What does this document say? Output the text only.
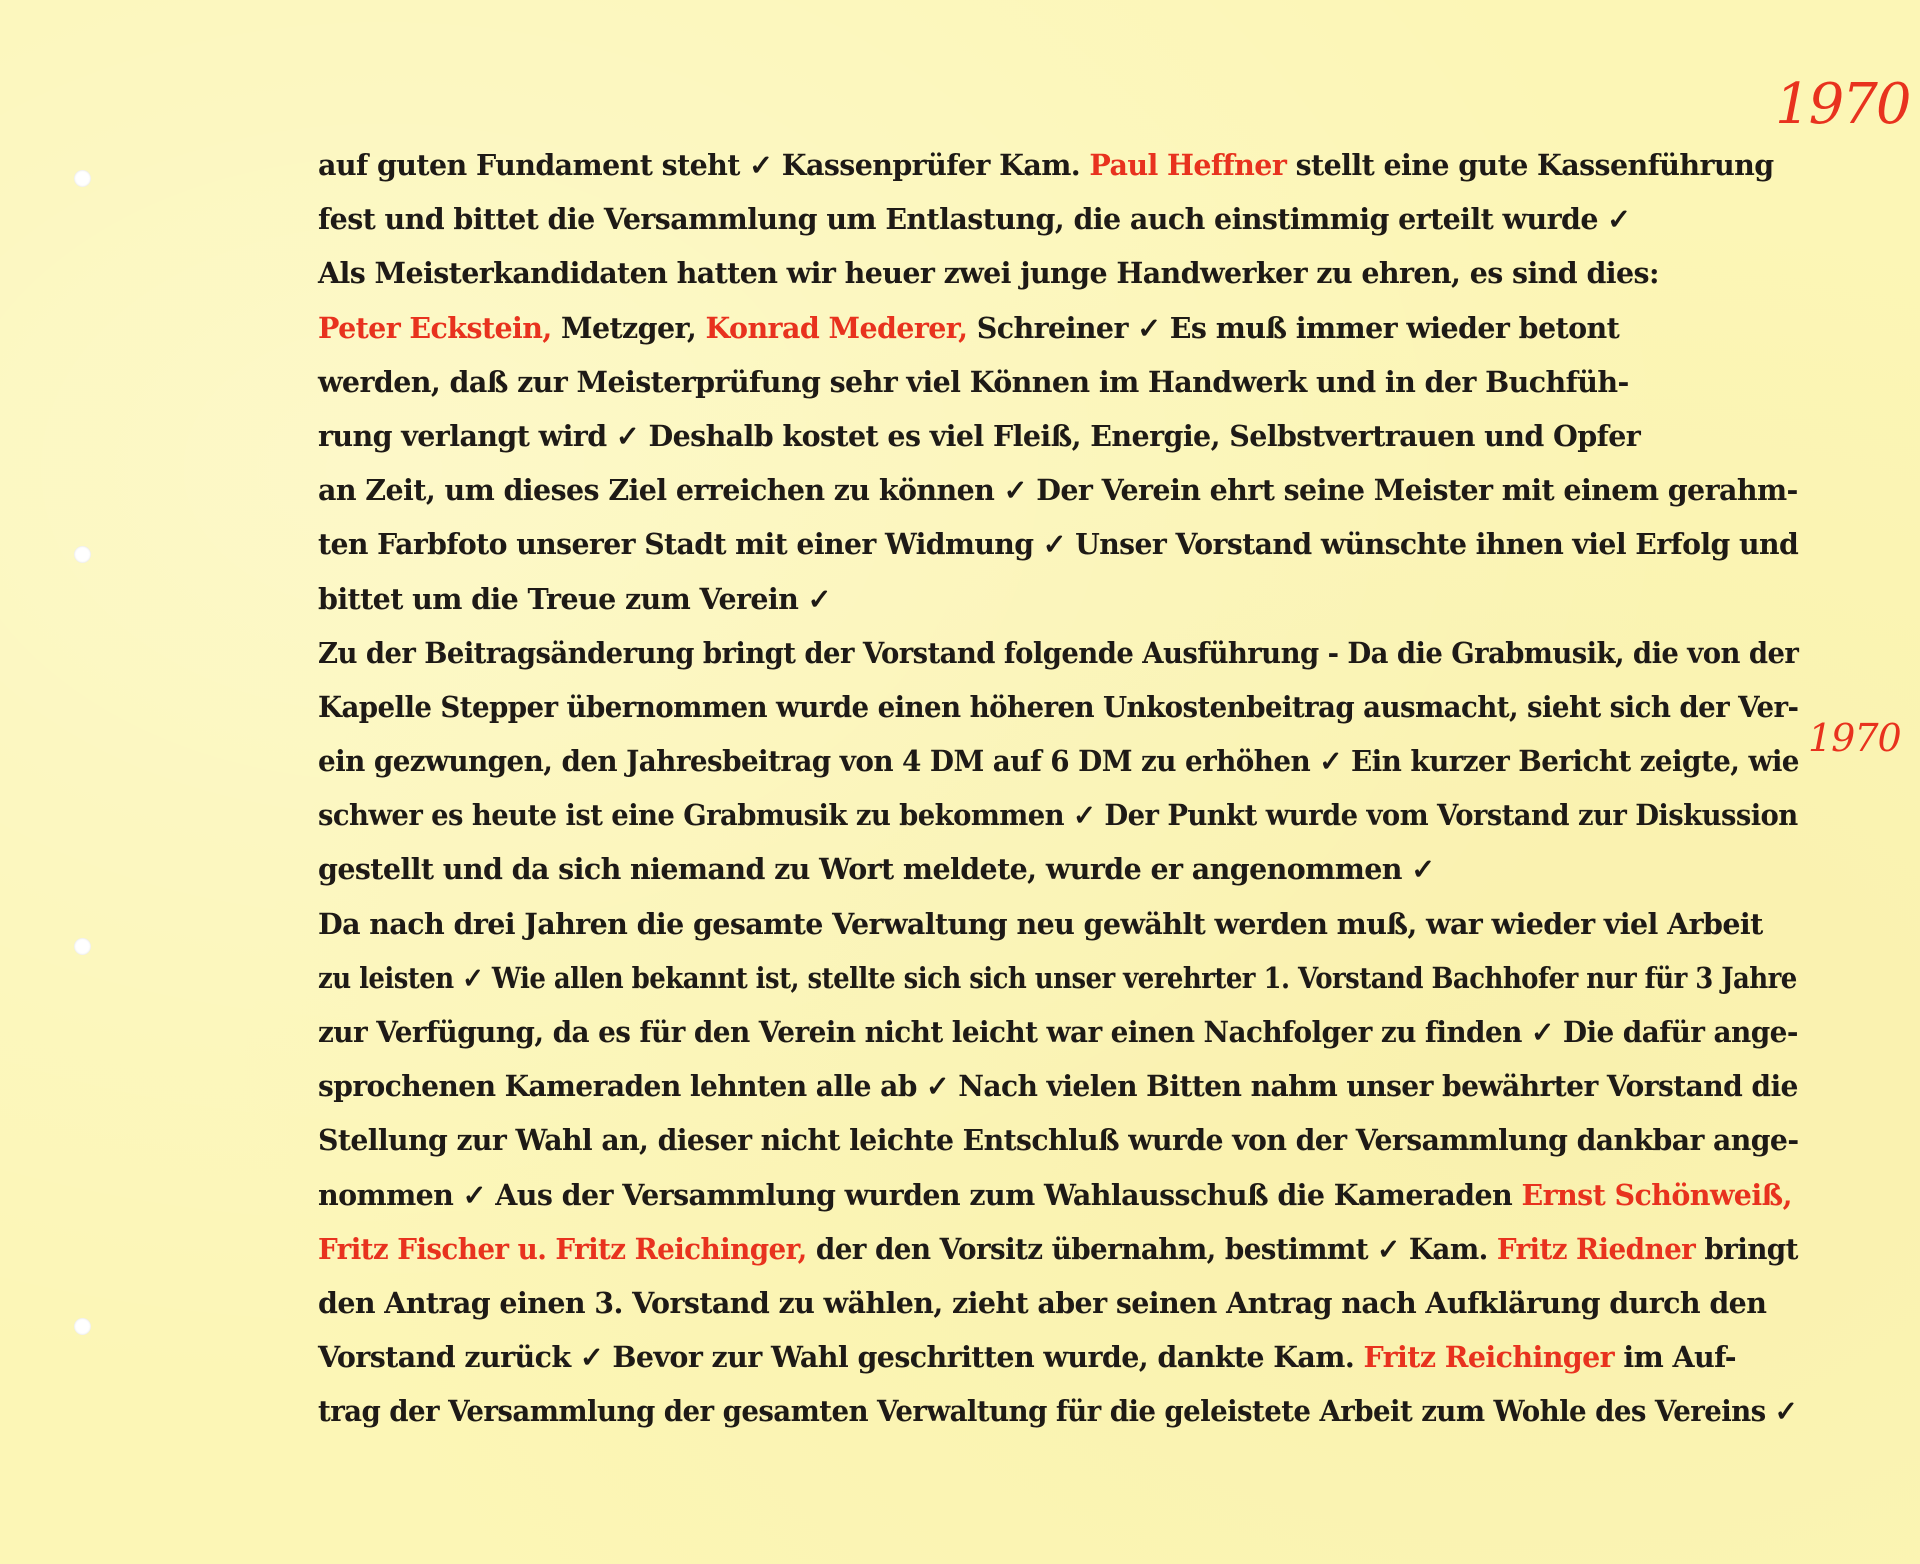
1970
1970
auf guten Fundament steht ✓ Kassenprüfer Kam. Paul Heffner stellt eine gute Kassenführung
fest und bittet die Versammlung um Entlastung, die auch einstimmig erteilt wurde ✓
Als Meisterkandidaten hatten wir heuer zwei junge Handwerker zu ehren, es sind dies:
Peter Eckstein, Metzger, Konrad Mederer, Schreiner ✓ Es muß immer wieder betont
werden, daß zur Meisterprüfung sehr viel Können im Handwerk und in der Buchfüh-
rung verlangt wird ✓ Deshalb kostet es viel Fleiß, Energie, Selbstvertrauen und Opfer
an Zeit, um dieses Ziel erreichen zu können ✓ Der Verein ehrt seine Meister mit einem gerahm-
ten Farbfoto unserer Stadt mit einer Widmung ✓ Unser Vorstand wünschte ihnen viel Erfolg und
bittet um die Treue zum Verein ✓
Zu der Beitragsänderung bringt der Vorstand folgende Ausführung - Da die Grabmusik, die von der
Kapelle Stepper übernommen wurde einen höheren Unkostenbeitrag ausmacht, sieht sich der Ver-
ein gezwungen, den Jahresbeitrag von 4 DM auf 6 DM zu erhöhen ✓ Ein kurzer Bericht zeigte, wie
schwer es heute ist eine Grabmusik zu bekommen ✓ Der Punkt wurde vom Vorstand zur Diskussion
gestellt und da sich niemand zu Wort meldete, wurde er angenommen ✓
Da nach drei Jahren die gesamte Verwaltung neu gewählt werden muß, war wieder viel Arbeit
zu leisten ✓ Wie allen bekannt ist, stellte sich sich unser verehrter 1. Vorstand Bachhofer nur für 3 Jahre
zur Verfügung, da es für den Verein nicht leicht war einen Nachfolger zu finden ✓ Die dafür ange-
sprochenen Kameraden lehnten alle ab ✓ Nach vielen Bitten nahm unser bewährter Vorstand die
Stellung zur Wahl an, dieser nicht leichte Entschluß wurde von der Versammlung dankbar ange-
nommen ✓ Aus der Versammlung wurden zum Wahlausschuß die Kameraden Ernst Schönweiß,
Fritz Fischer u. Fritz Reichinger, der den Vorsitz übernahm, bestimmt ✓ Kam. Fritz Riedner bringt
den Antrag einen 3. Vorstand zu wählen, zieht aber seinen Antrag nach Aufklärung durch den
Vorstand zurück ✓ Bevor zur Wahl geschritten wurde, dankte Kam. Fritz Reichinger im Auf-
trag der Versammlung der gesamten Verwaltung für die geleistete Arbeit zum Wohle des Vereins ✓
